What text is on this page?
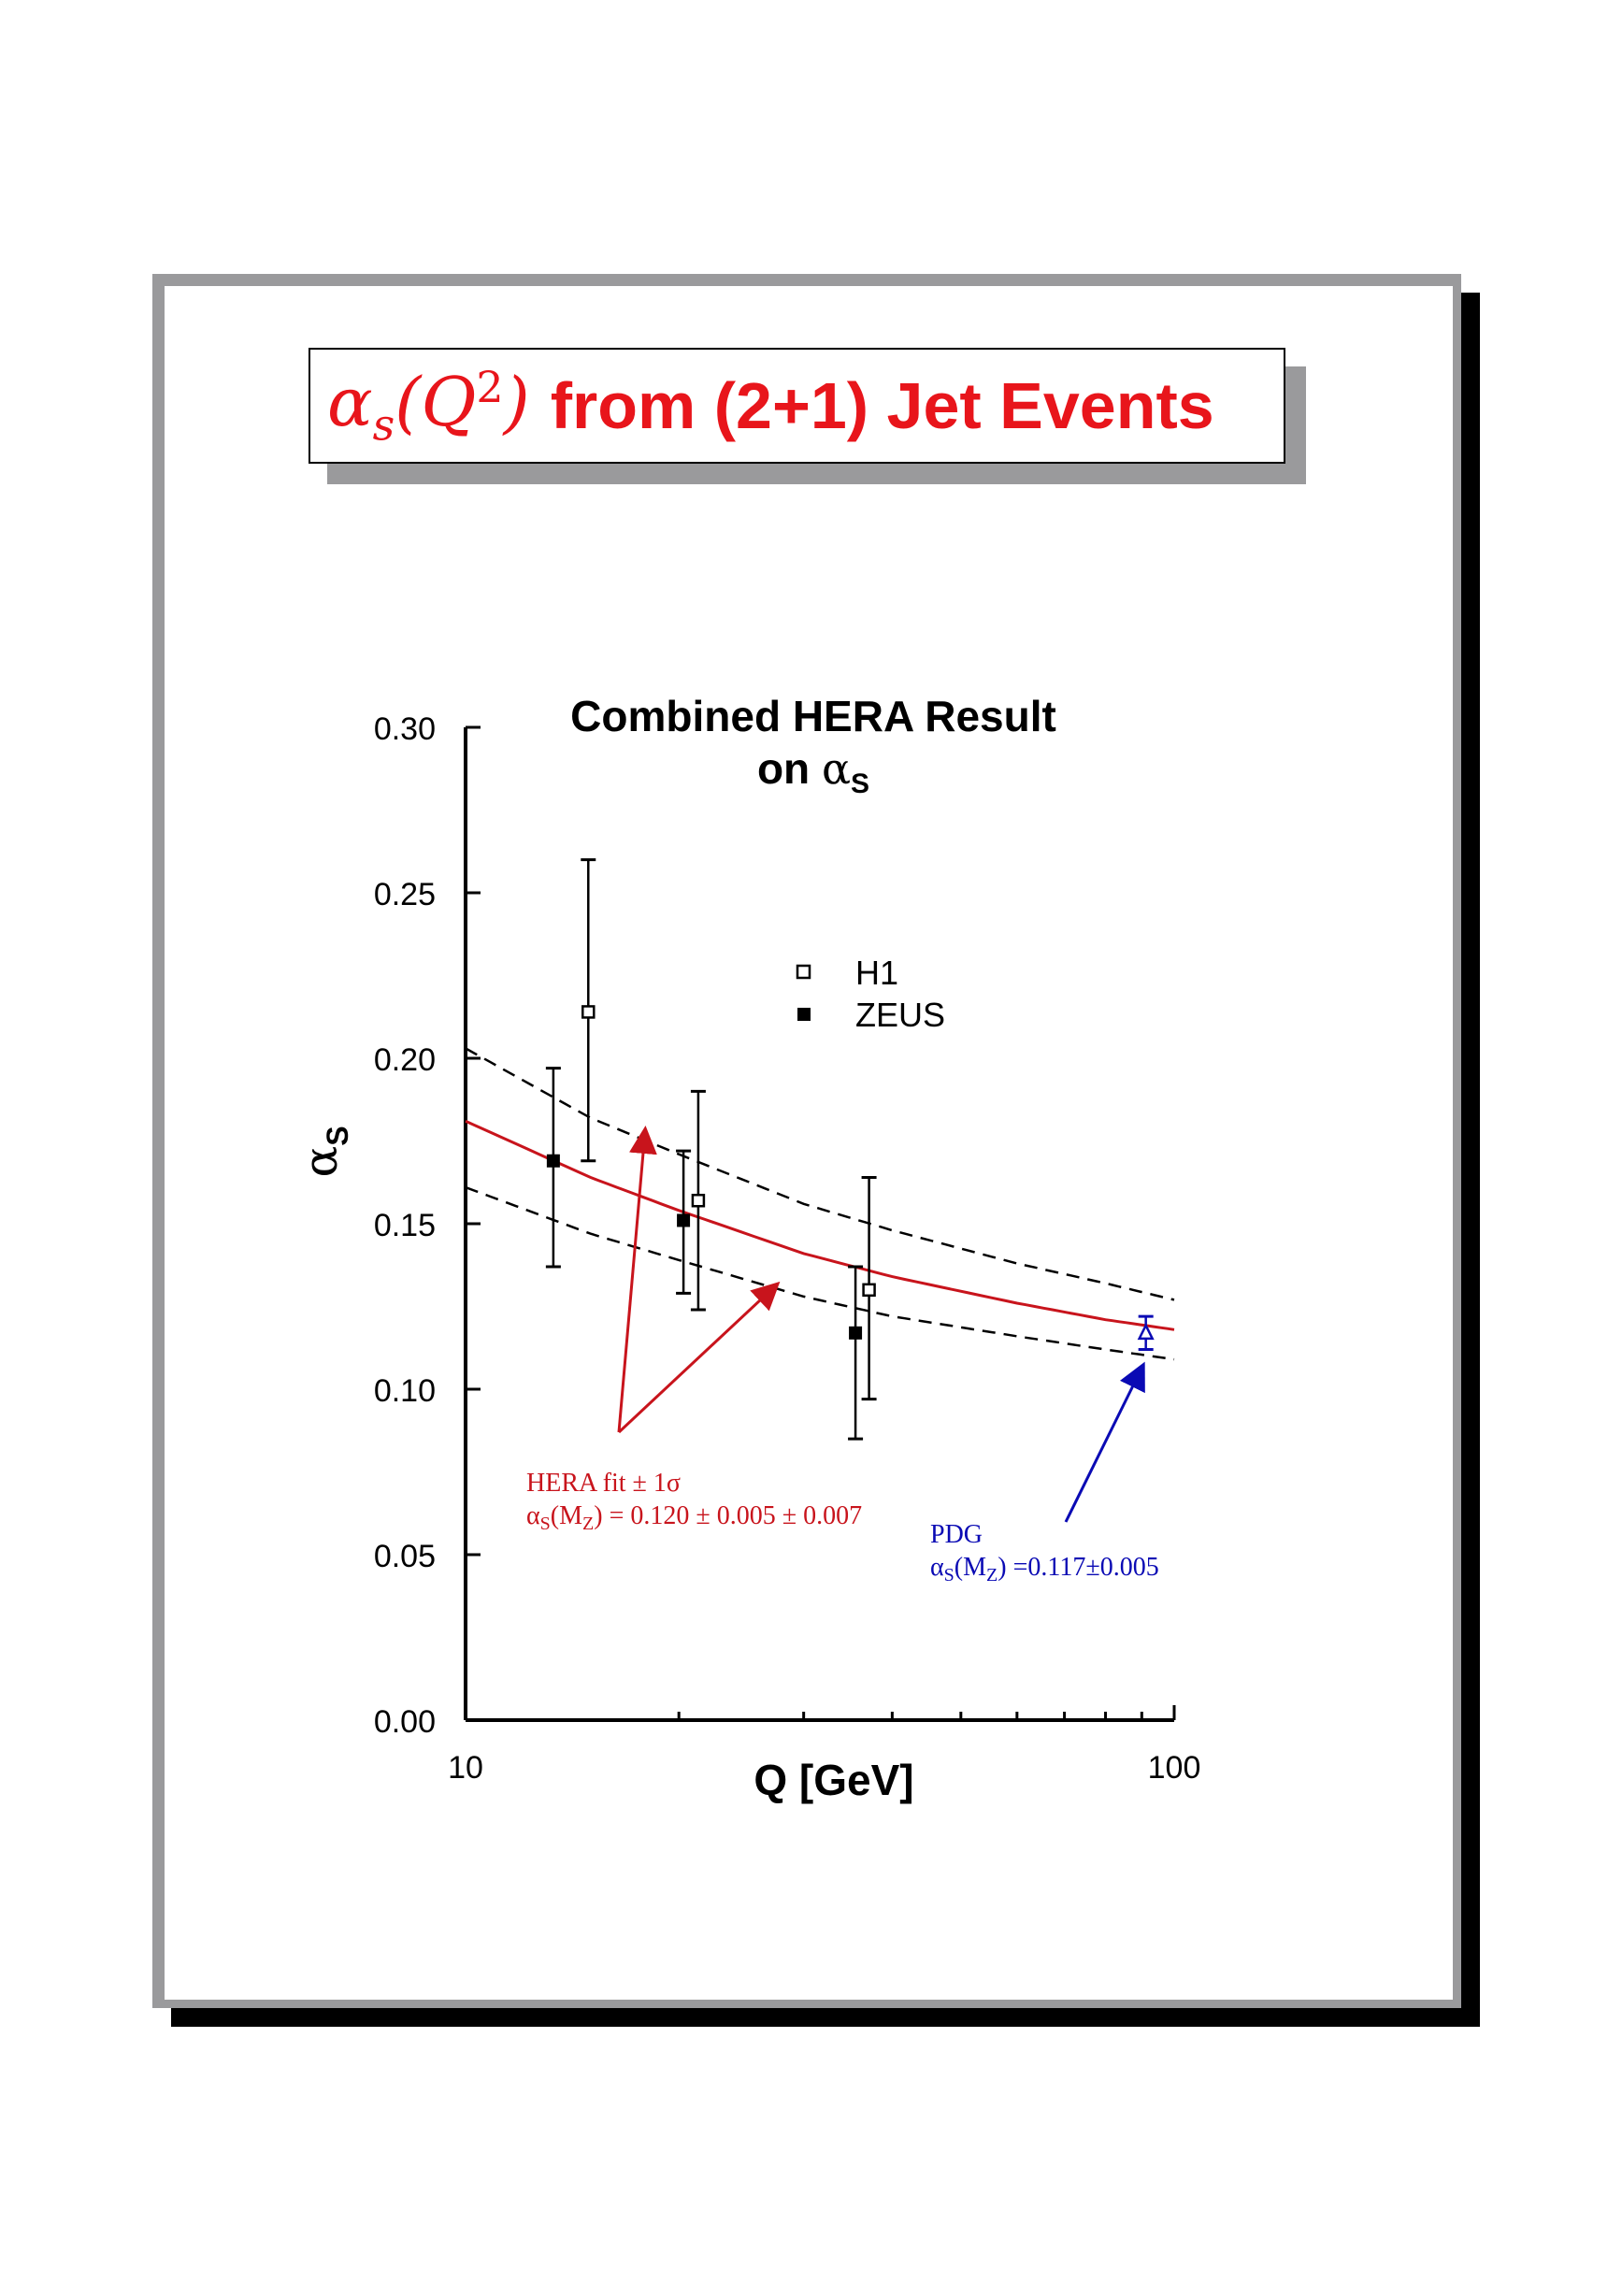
$\alpha_s(Q^2)$ from (2+1) Jet Events
Combined HERA Result
on $\alpha_S$
$\alpha_S$
Q [GeV]
0.00
0.05
0.10
0.15
0.20
0.25
0.30
10	100
HERA fit ± 1σ
$\alpha_S(M_Z) = 0.120 \pm 0.005 \pm 0.007$
PDG
$\alpha_S(M_Z) =0.117\pm 0.005$
H1
ZEUS
